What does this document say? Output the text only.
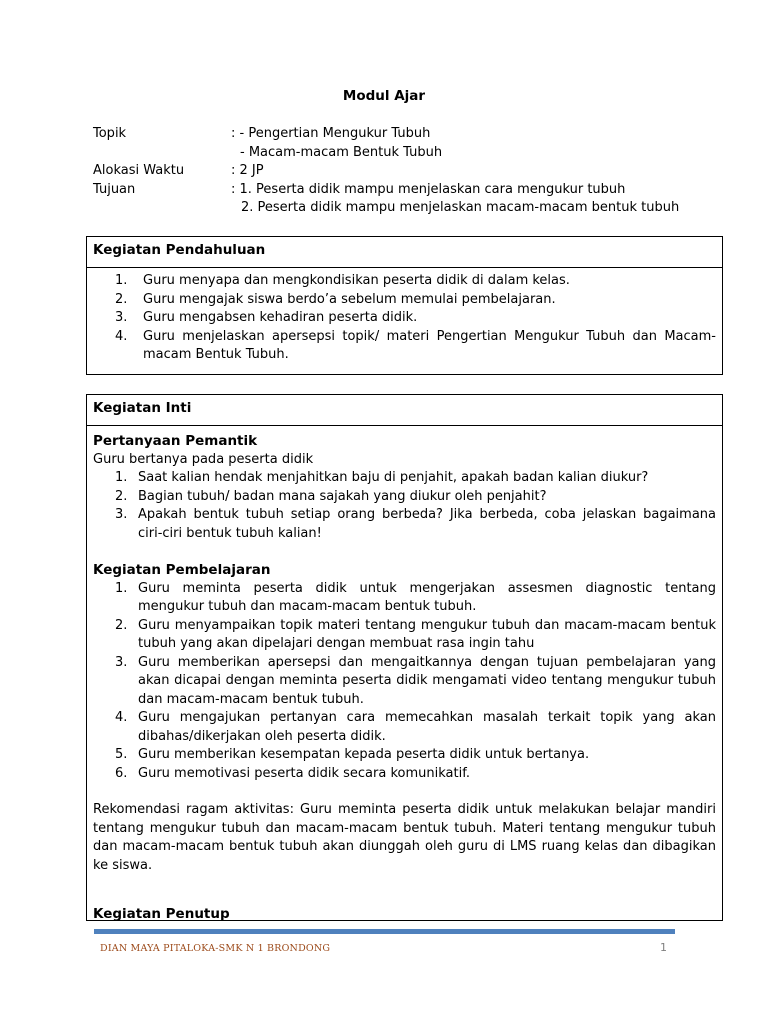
Modul Ajar
Topik	: - Pengertian Mengukur Tubuh
- Macam-macam Bentuk Tubuh
Alokasi Waktu	: 2 JP
Tujuan	: 1. Peserta didik mampu menjelaskan cara mengukur tubuh
2. Peserta didik mampu menjelaskan macam-macam bentuk tubuh
Kegiatan Pendahuluan
1.	Guru menyapa dan mengkondisikan peserta didik di dalam kelas.
2.	Guru mengajak siswa berdo’a sebelum memulai pembelajaran.
3.	Guru mengabsen kehadiran peserta didik.
4.	Guru menjelaskan apersepsi topik/ materi Pengertian Mengukur Tubuh dan Macam-macam Bentuk Tubuh.
Kegiatan Inti
Pertanyaan Pemantik
Guru bertanya pada peserta didik
1. Saat kalian hendak menjahitkan baju di penjahit, apakah badan kalian diukur?
2. Bagian tubuh/ badan mana sajakah yang diukur oleh penjahit?
3. Apakah bentuk tubuh setiap orang berbeda? Jika berbeda, coba jelaskan bagaimana ciri-ciri bentuk tubuh kalian!
Kegiatan Pembelajaran
1. Guru meminta peserta didik untuk mengerjakan assesmen diagnostic tentang mengukur tubuh dan macam-macam bentuk tubuh.
2. Guru menyampaikan topik materi tentang mengukur tubuh dan macam-macam bentuk tubuh yang akan dipelajari dengan membuat rasa ingin tahu
3. Guru memberikan apersepsi dan mengaitkannya dengan tujuan pembelajaran yang akan dicapai dengan meminta peserta didik mengamati video tentang mengukur tubuh dan macam-macam bentuk tubuh.
4. Guru mengajukan pertanyan cara memecahkan masalah terkait topik yang akan dibahas/dikerjakan oleh peserta didik.
5. Guru memberikan kesempatan kepada peserta didik untuk bertanya.
6. Guru memotivasi peserta didik secara komunikatif.
Rekomendasi ragam aktivitas: Guru meminta peserta didik untuk melakukan belajar mandiri tentang mengukur tubuh dan macam-macam bentuk tubuh. Materi tentang mengukur tubuh dan macam-macam bentuk tubuh akan diunggah oleh guru di LMS ruang kelas dan dibagikan ke siswa.
Kegiatan Penutup
DIAN MAYA PITALOKA-SMK N 1 BRONDONG	1
